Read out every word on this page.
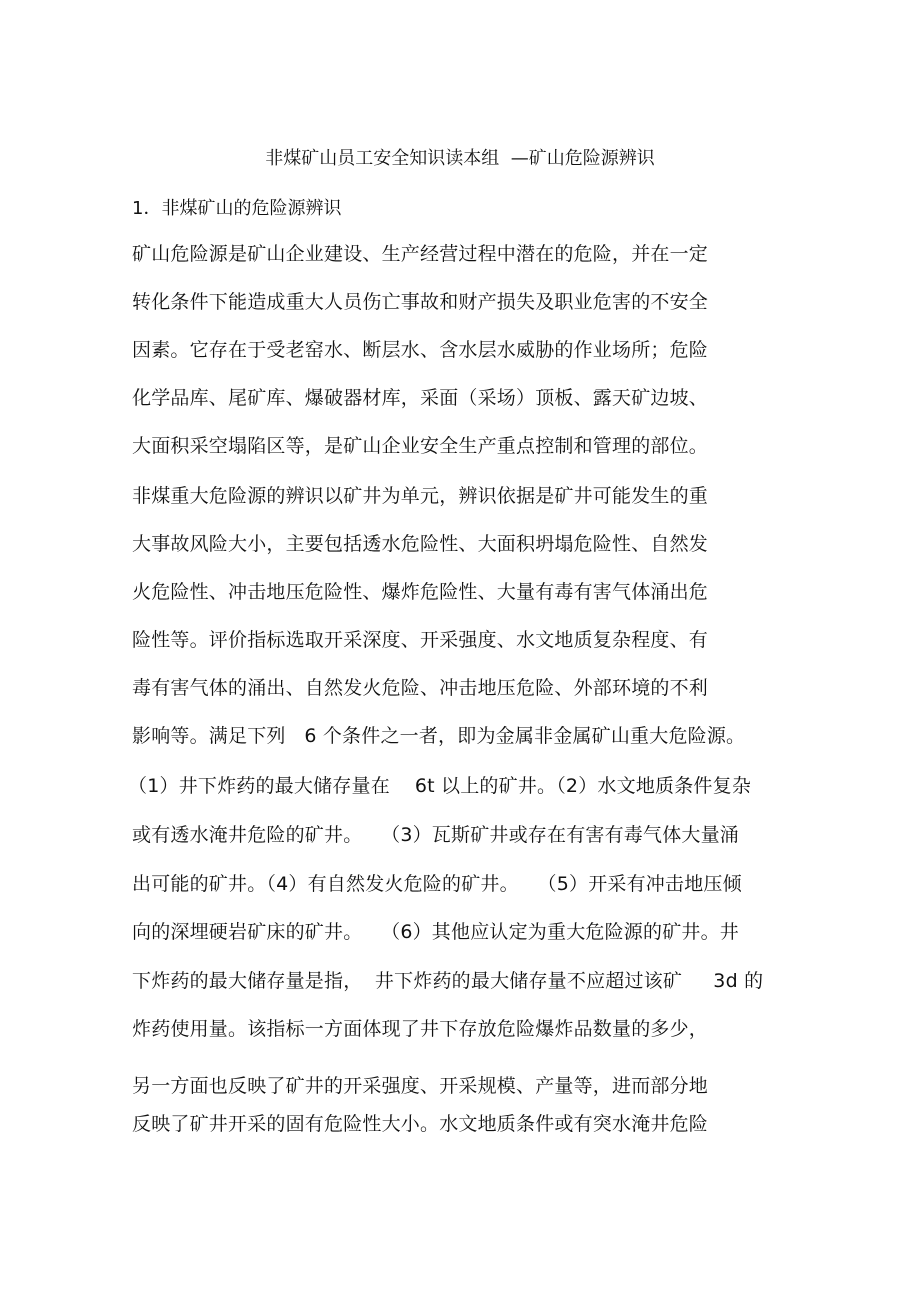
非煤矿山员工安全知识读本组  —矿山危险源辨识
1．非煤矿山的危险源辨识
矿山危险源是矿山企业建设、生产经营过程中潜在的危险，并在一定
转化条件下能造成重大人员伤亡事故和财产损失及职业危害的不安全
因素。它存在于受老窑水、断层水、含水层水威胁的作业场所；危险
化学品库、尾矿库、爆破器材库，采面（采场）顶板、露天矿边坡、
大面积采空塌陷区等，是矿山企业安全生产重点控制和管理的部位。
非煤重大危险源的辨识以矿井为单元，辨识依据是矿井可能发生的重
大事故风险大小，主要包括透水危险性、大面积坍塌危险性、自然发
火危险性、冲击地压危险性、爆炸危险性、大量有毒有害气体涌出危
险性等。评价指标选取开采深度、开采强度、水文地质复杂程度、有
毒有害气体的涌出、自然发火危险、冲击地压危险、外部环境的不利
影响等。满足下列   6 个条件之一者，即为金属非金属矿山重大危险源。
（1）井下炸药的最大储存量在    6t 以上的矿井。（2）水文地质条件复杂
或有透水淹井危险的矿井。   （3）瓦斯矿井或存在有害有毒气体大量涌
出可能的矿井。（4）有自然发火危险的矿井。   （5）开采有冲击地压倾
向的深埋硬岩矿床的矿井。   （6）其他应认定为重大危险源的矿井。井
下炸药的最大储存量是指，  井下炸药的最大储存量不应超过该矿     3d 的
炸药使用量。该指标一方面体现了井下存放危险爆炸品数量的多少，
另一方面也反映了矿井的开采强度、开采规模、产量等，进而部分地
反映了矿井开采的固有危险性大小。水文地质条件或有突水淹井危险
